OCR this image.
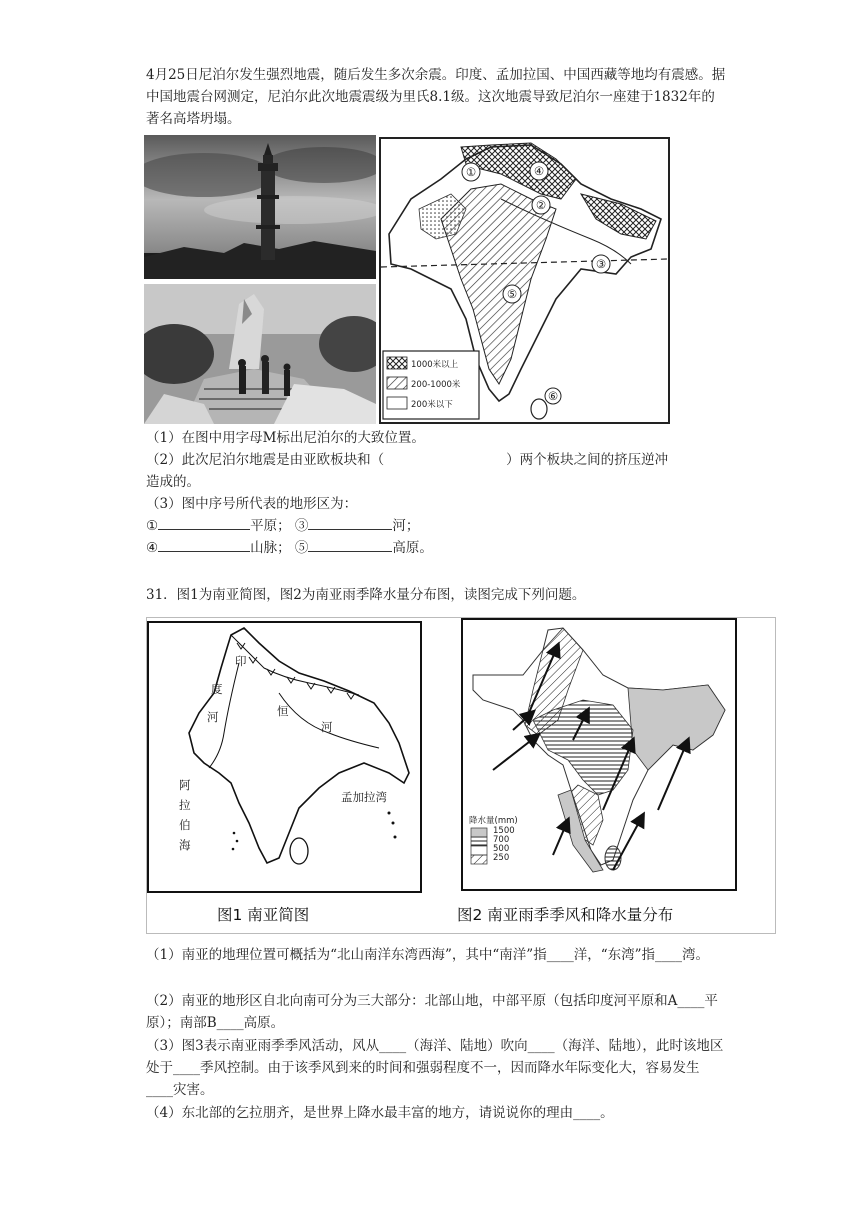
4月25日尼泊尔发生强烈地震，随后发生多次余震。印度、孟加拉国、中国西藏等地均有震感。据中国地震台网测定，尼泊尔此次地震震级为里氏8.1级。这次地震导致尼泊尔一座建于1832年的著名高塔坍塌。

①
②
③
④
⑤
⑥
1000米以上
200-1000米
200米以下

（1）在图中用字母M标出尼泊尔的大致位置。

（2）此次尼泊尔地震是由亚欧板块和（	）两个板块之间的挤压逆冲

造成的。

（3）图中序号所代表的地形区为：

①	平原； ③	河；

④	山脉； ⑤	高原。

31．图1为南亚简图，图2为南亚雨季降水量分布图，读图完成下列问题。

印
度
河	恒
河
阿
拉
伯
海
孟加拉湾
降水量(mm)
1500
700
500
250
图1 南亚简图	图2 南亚雨季季风和降水量分布

（1）南亚的地理位置可概括为“北山南洋东湾西海”，其中“南洋”指____洋，“东湾”指____湾。

（2）南亚的地形区自北向南可分为三大部分：北部山地，中部平原（包括印度河平原和A____平原）；南部B____高原。

（3）图3表示南亚雨季季风活动，风从____（海洋、陆地）吹向____（海洋、陆地），此时该地区处于____季风控制。由于该季风到来的时间和强弱程度不一，因而降水年际变化大，容易发生____灾害。

（4）东北部的乞拉朋齐，是世界上降水最丰富的地方，请说说你的理由____。
